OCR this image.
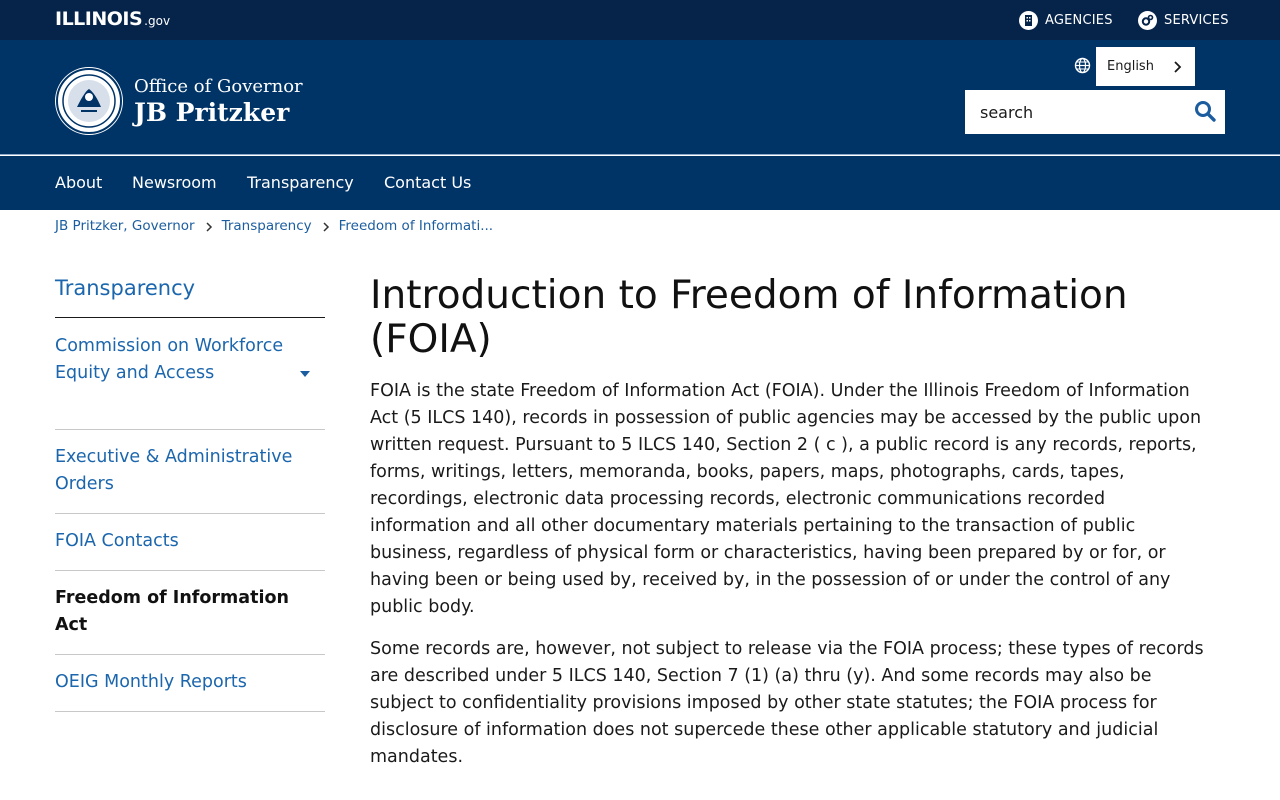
ILLINOIS .gov	AGENCIES	SERVICES
Office of Governor
JB Pritzker
English
search
About Newsroom Transparency Contact Us
JB Pritzker, Governor Transparency Freedom of Informati...
Transparency
Commission on Workforce Equity and Access
Executive & Administrative Orders
FOIA Contacts
Freedom of Information Act
OEIG Monthly Reports
Introduction to Freedom of Information (FOIA)

FOIA is the state Freedom of Information Act (FOIA). Under the Illinois Freedom of Information Act (5 ILCS 140), records in possession of public agencies may be accessed by the public upon written request. Pursuant to 5 ILCS 140, Section 2 ( c ), a public record is any records, reports, forms, writings, letters, memoranda, books, papers, maps, photographs, cards, tapes, recordings, electronic data processing records, electronic communications recorded information and all other documentary materials pertaining to the transaction of public business, regardless of physical form or characteristics, having been prepared by or for, or having been or being used by, received by, in the possession of or under the control of any public body.

Some records are, however, not subject to release via the FOIA process; these types of records are described under 5 ILCS 140, Section 7 (1) (a) thru (y). And some records may also be subject to confidentiality provisions imposed by other state statutes; the FOIA process for disclosure of information does not supercede these other applicable statutory and judicial mandates.
